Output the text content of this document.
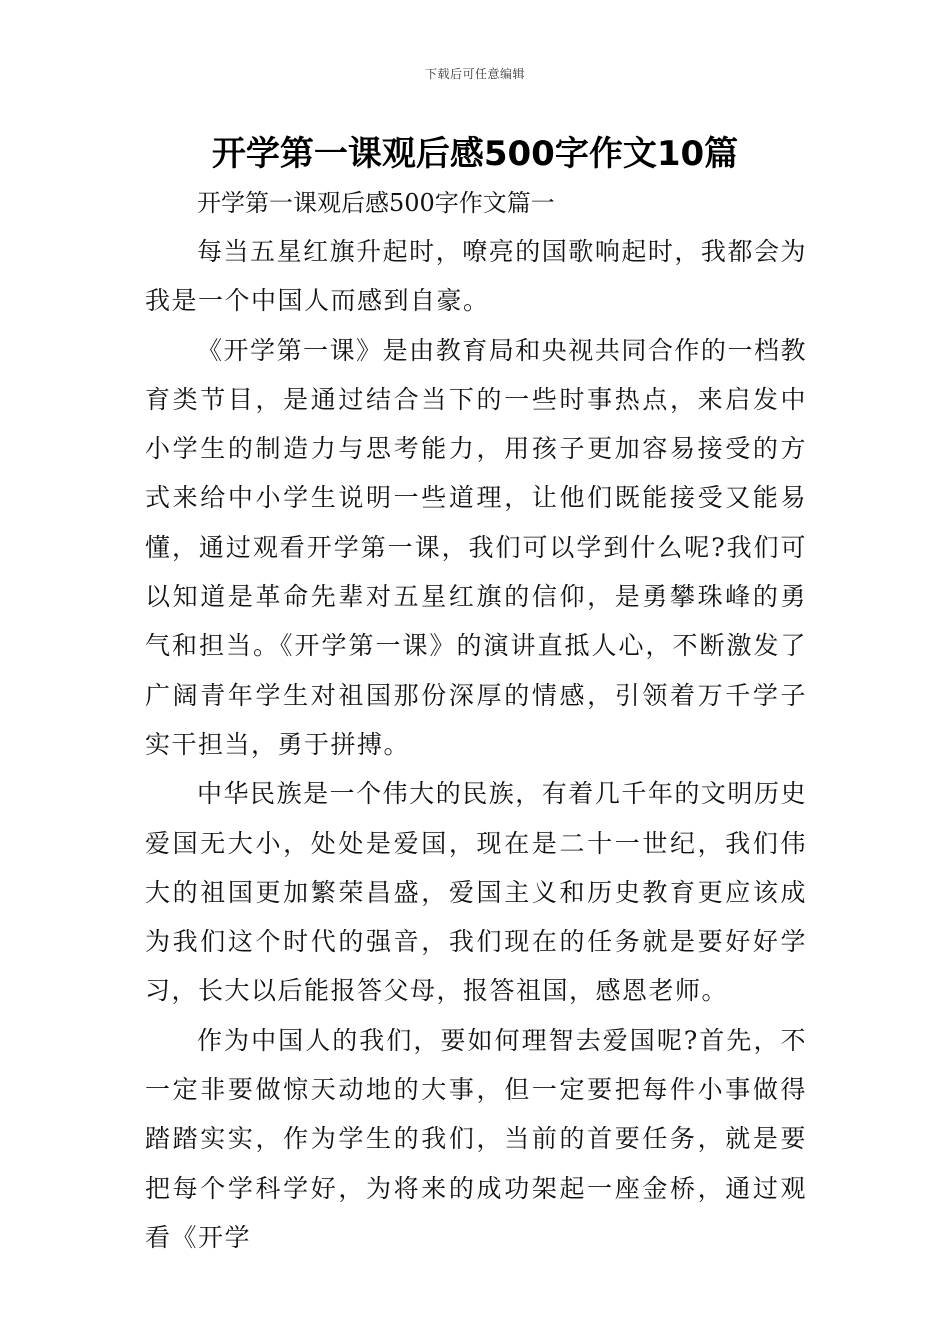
下载后可任意编辑
开学第一课观后感500字作文10篇
开学第一课观后感500字作文篇一

每当五星红旗升起时，嘹亮的国歌响起时，我都会为我是一个中国人而感到自豪。

《开学第一课》是由教育局和央视共同合作的一档教育类节目，是通过结合当下的一些时事热点，来启发中小学生的制造力与思考能力，用孩子更加容易接受的方式来给中小学生说明一些道理，让他们既能接受又能易懂，通过观看开学第一课，我们可以学到什么呢?我们可以知道是革命先辈对五星红旗的信仰，是勇攀珠峰的勇气和担当。《开学第一课》的演讲直抵人心，不断激发了广阔青年学生对祖国那份深厚的情感，引领着万千学子实干担当，勇于拼搏。

中华民族是一个伟大的民族，有着几千年的文明历史爱国无大小，处处是爱国，现在是二十一世纪，我们伟大的祖国更加繁荣昌盛，爱国主义和历史教育更应该成为我们这个时代的强音，我们现在的任务就是要好好学习，长大以后能报答父母，报答祖国，感恩老师。

作为中国人的我们，要如何理智去爱国呢?首先，不一定非要做惊天动地的大事，但一定要把每件小事做得踏踏实实，作为学生的我们，当前的首要任务，就是要把每个学科学好，为将来的成功架起一座金桥，通过观看《开学
